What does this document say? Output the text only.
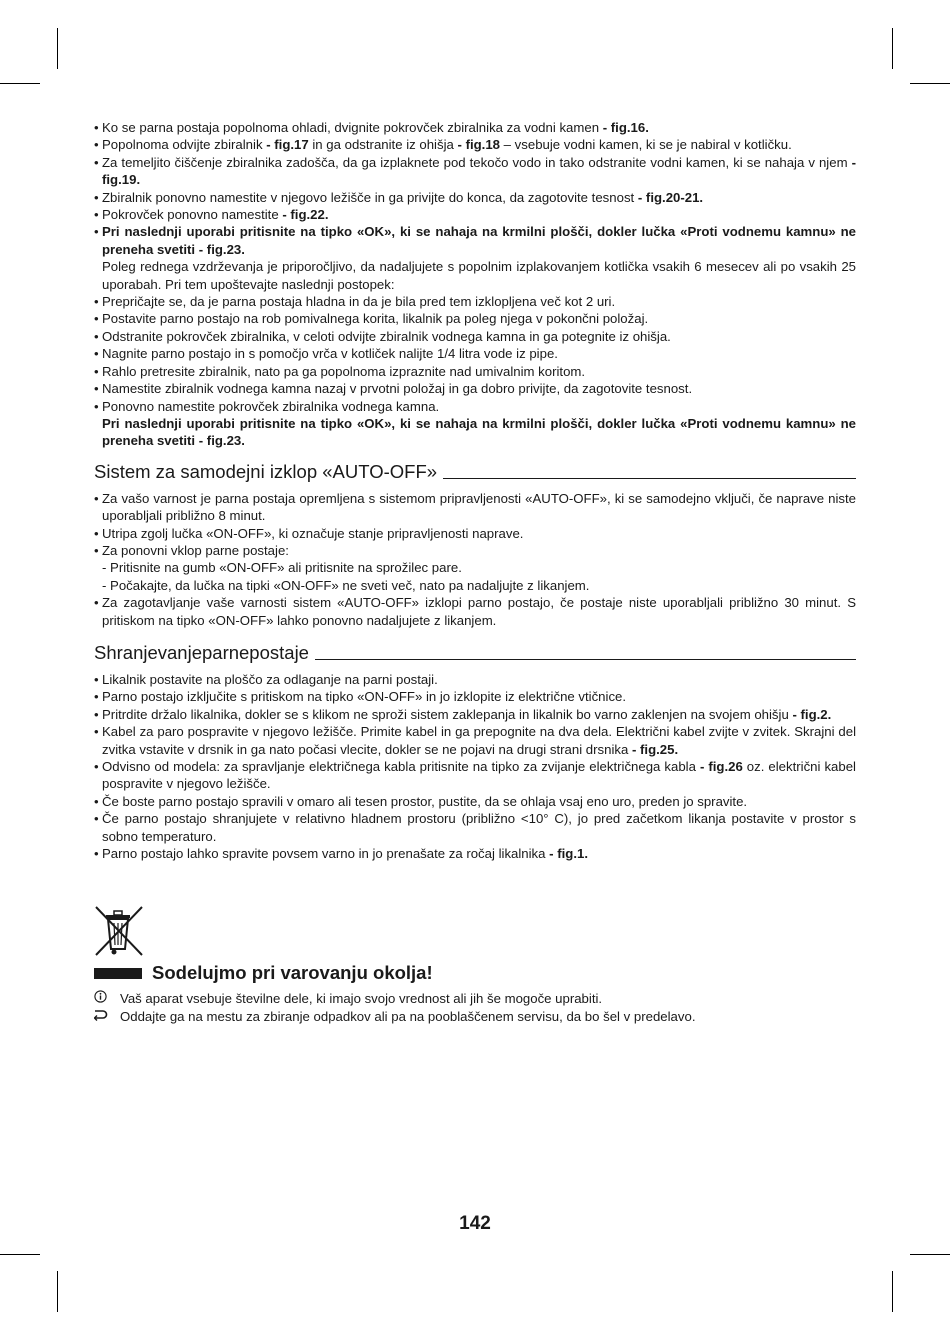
• Ko se parna postaja popolnoma ohladi, dvignite pokrovček zbiralnika za vodni kamen - fig.16.
• Popolnoma odvijte zbiralnik - fig.17 in ga odstranite iz ohišja - fig.18 – vsebuje vodni kamen, ki se je nabiral v kotličku.
• Za temeljito čiščenje zbiralnika zadošča, da ga izplaknete pod tekočo vodo in tako odstranite vodni kamen, ki se nahaja v njem - fig.19.
• Zbiralnik ponovno namestite v njegovo ležišče in ga privijte do konca, da zagotovite tesnost - fig.20-21.
• Pokrovček ponovno namestite - fig.22.
• Pri naslednji uporabi pritisnite na tipko «OK», ki se nahaja na krmilni plošči, dokler lučka «Proti vodnemu kamnu» ne preneha svetiti - fig.23.
Poleg rednega vzdrževanja je priporočljivo, da nadaljujete s popolnim izplakovanjem kotlička vsakih 6 mesecev ali po vsakih 25 uporabah. Pri tem upoštevajte naslednji postopek:
• Prepričajte se, da je parna postaja hladna in da je bila pred tem izklopljena več kot 2 uri.
• Postavite parno postajo na rob pomivalnega korita, likalnik pa poleg njega v pokončni položaj.
• Odstranite pokrovček zbiralnika, v celoti odvijte zbiralnik vodnega kamna in ga potegnite iz ohišja.
• Nagnite parno postajo in s pomočjo vrča v kotliček nalijte 1/4 litra vode iz pipe.
• Rahlo pretresite zbiralnik, nato pa ga popolnoma izpraznite nad umivalnim koritom.
• Namestite zbiralnik vodnega kamna nazaj v prvotni položaj in ga dobro privijte, da zagotovite tesnost.
• Ponovno namestite pokrovček zbiralnika vodnega kamna.
Pri naslednji uporabi pritisnite na tipko «OK», ki se nahaja na krmilni plošči, dokler lučka «Proti vodnemu kamnu» ne preneha svetiti - fig.23.
Sistem za samodejni izklop «AUTO-OFF»
• Za vašo varnost je parna postaja opremljena s sistemom pripravljenosti «AUTO-OFF», ki se samodejno vključi, če naprave niste uporabljali približno 8 minut.
• Utripa zgolj lučka «ON-OFF», ki označuje stanje pripravljenosti naprave.
• Za ponovni vklop parne postaje:
- Pritisnite na gumb «ON-OFF» ali pritisnite na sprožilec pare.
- Počakajte, da lučka na tipki «ON-OFF» ne sveti več, nato pa nadaljujte z likanjem.
• Za zagotavljanje vaše varnosti sistem «AUTO-OFF» izklopi parno postajo, če postaje niste uporabljali približno 30 minut. S pritiskom na tipko «ON-OFF» lahko ponovno nadaljujete z likanjem.
Shranjevanjeparnepostaje
• Likalnik postavite na ploščo za odlaganje na parni postaji.
• Parno postajo izključite s pritiskom na tipko «ON-OFF» in jo izklopite iz električne vtičnice.
• Pritrdite držalo likalnika, dokler se s klikom ne sproži sistem zaklepanja in likalnik bo varno zaklenjen na svojem ohišju - fig.2.
• Kabel za paro pospravite v njegovo ležišče. Primite kabel in ga prepognite na dva dela. Električni kabel zvijte v zvitek. Skrajni del zvitka vstavite v drsnik in ga nato počasi vlecite, dokler se ne pojavi na drugi strani drsnika - fig.25.
• Odvisno od modela: za spravljanje električnega kabla pritisnite na tipko za zvijanje električnega kabla - fig.26 oz. električni kabel pospravite v njegovo ležišče.
• Če boste parno postajo spravili v omaro ali tesen prostor, pustite, da se ohlaja vsaj eno uro, preden jo spravite.
• Če parno postajo shranjujete v relativno hladnem prostoru (približno <10° C), jo pred začetkom likanja postavite v prostor s sobno temperaturo.
• Parno postajo lahko spravite povsem varno in jo prenašate za ročaj likalnika - fig.1.
Sodelujmo pri varovanju okolja!
Vaš aparat vsebuje številne dele, ki imajo svojo vrednost ali jih še mogoče uprabiti.
Oddajte ga na mestu za zbiranje odpadkov ali pa na pooblaščenem servisu, da bo šel v predelavo.
142
